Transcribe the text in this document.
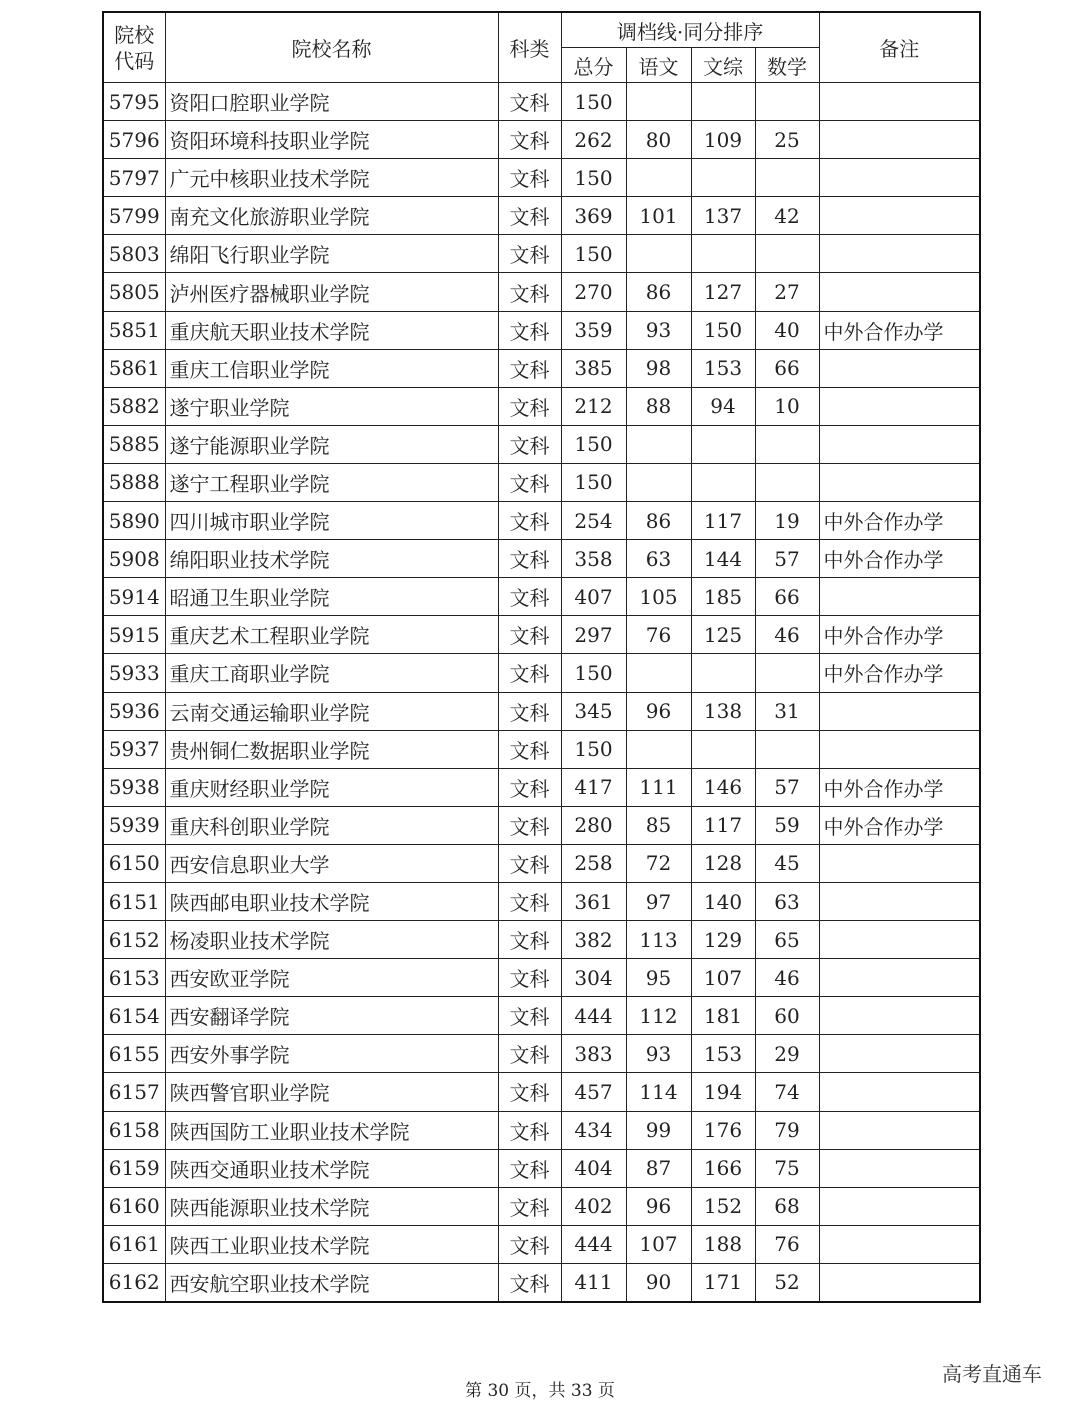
院校代码	院校名称	科类	调档线·同分排序				备注
			总分	语文	文综	数学	
5795	资阳口腔职业学院	文科	150				
5796	资阳环境科技职业学院	文科	262	80	109	25	
5797	广元中核职业技术学院	文科	150				
5799	南充文化旅游职业学院	文科	369	101	137	42	
5803	绵阳飞行职业学院	文科	150				
5805	泸州医疗器械职业学院	文科	270	86	127	27	
5851	重庆航天职业技术学院	文科	359	93	150	40	中外合作办学
5861	重庆工信职业学院	文科	385	98	153	66	
5882	遂宁职业学院	文科	212	88	94	10	
5885	遂宁能源职业学院	文科	150				
5888	遂宁工程职业学院	文科	150				
5890	四川城市职业学院	文科	254	86	117	19	中外合作办学
5908	绵阳职业技术学院	文科	358	63	144	57	中外合作办学
5914	昭通卫生职业学院	文科	407	105	185	66	
5915	重庆艺术工程职业学院	文科	297	76	125	46	中外合作办学
5933	重庆工商职业学院	文科	150				中外合作办学
5936	云南交通运输职业学院	文科	345	96	138	31	
5937	贵州铜仁数据职业学院	文科	150				
5938	重庆财经职业学院	文科	417	111	146	57	中外合作办学
5939	重庆科创职业学院	文科	280	85	117	59	中外合作办学
6150	西安信息职业大学	文科	258	72	128	45	
6151	陕西邮电职业技术学院	文科	361	97	140	63	
6152	杨凌职业技术学院	文科	382	113	129	65	
6153	西安欧亚学院	文科	304	95	107	46	
6154	西安翻译学院	文科	444	112	181	60	
6155	西安外事学院	文科	383	93	153	29	
6157	陕西警官职业学院	文科	457	114	194	74	
6158	陕西国防工业职业技术学院	文科	434	99	176	79	
6159	陕西交通职业技术学院	文科	404	87	166	75	
6160	陕西能源职业技术学院	文科	402	96	152	68	
6161	陕西工业职业技术学院	文科	444	107	188	76	
6162	西安航空职业技术学院	文科	411	90	171	52	
第 30 页，共 33 页
高考直通车
